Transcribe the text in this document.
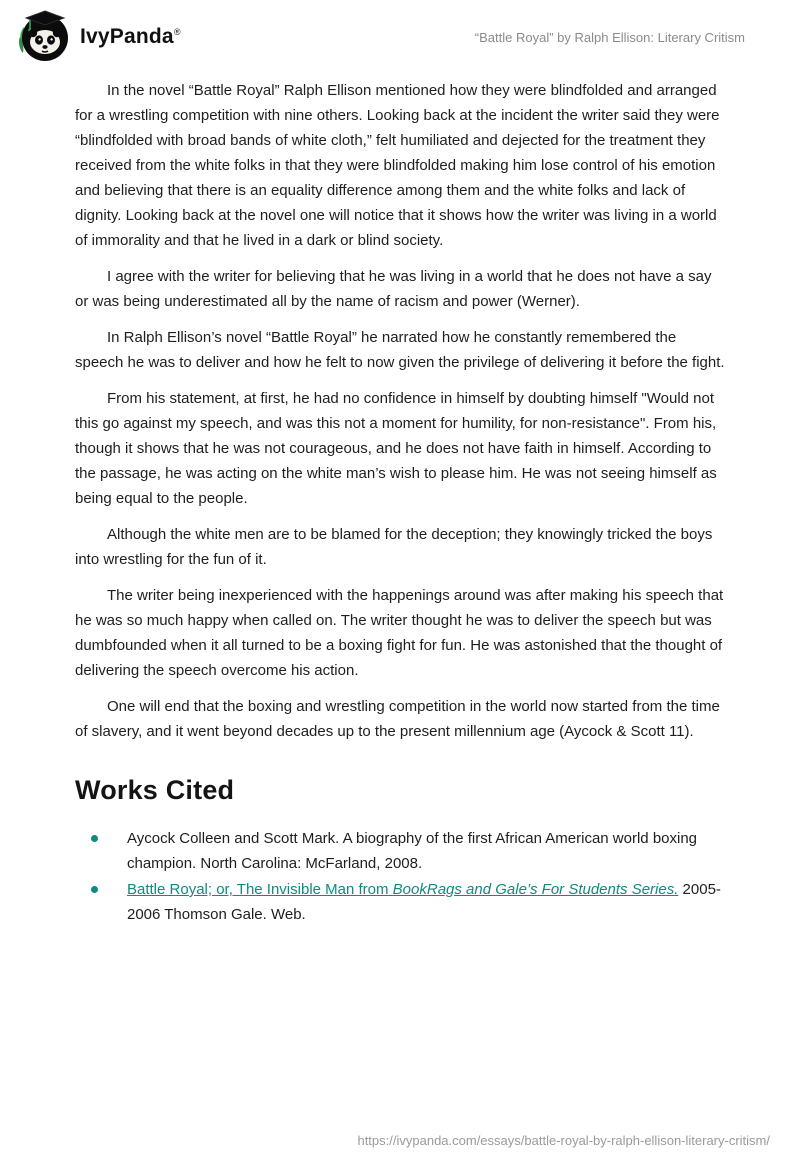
IvyPanda®	“Battle Royal” by Ralph Ellison: Literary Critism

In the novel “Battle Royal” Ralph Ellison mentioned how they were blindfolded and arranged for a wrestling competition with nine others. Looking back at the incident the writer said they were “blindfolded with broad bands of white cloth,” felt humiliated and dejected for the treatment they received from the white folks in that they were blindfolded making him lose control of his emotion and believing that there is an equality difference among them and the white folks and lack of dignity. Looking back at the novel one will notice that it shows how the writer was living in a world of immorality and that he lived in a dark or blind society.

I agree with the writer for believing that he was living in a world that he does not have a say or was being underestimated all by the name of racism and power (Werner).

In Ralph Ellison’s novel “Battle Royal” he narrated how he constantly remembered the speech he was to deliver and how he felt to now given the privilege of delivering it before the fight.

From his statement, at first, he had no confidence in himself by doubting himself "Would not this go against my speech, and was this not a moment for humility, for non-resistance". From his, though it shows that he was not courageous, and he does not have faith in himself. According to the passage, he was acting on the white man’s wish to please him. He was not seeing himself as being equal to the people.

Although the white men are to be blamed for the deception; they knowingly tricked the boys into wrestling for the fun of it.

The writer being inexperienced with the happenings around was after making his speech that he was so much happy when called on. The writer thought he was to deliver the speech but was dumbfounded when it all turned to be a boxing fight for fun. He was astonished that the thought of delivering the speech overcome his action.

One will end that the boxing and wrestling competition in the world now started from the time of slavery, and it went beyond decades up to the present millennium age (Aycock & Scott 11).

Works Cited
Aycock Colleen and Scott Mark. A biography of the first African American world boxing champion. North Carolina: McFarland, 2008.
Battle Royal; or, The Invisible Man from BookRags and Gale’s For Students Series. 2005-2006 Thomson Gale. Web.
https://ivypanda.com/essays/battle-royal-by-ralph-ellison-literary-critism/
